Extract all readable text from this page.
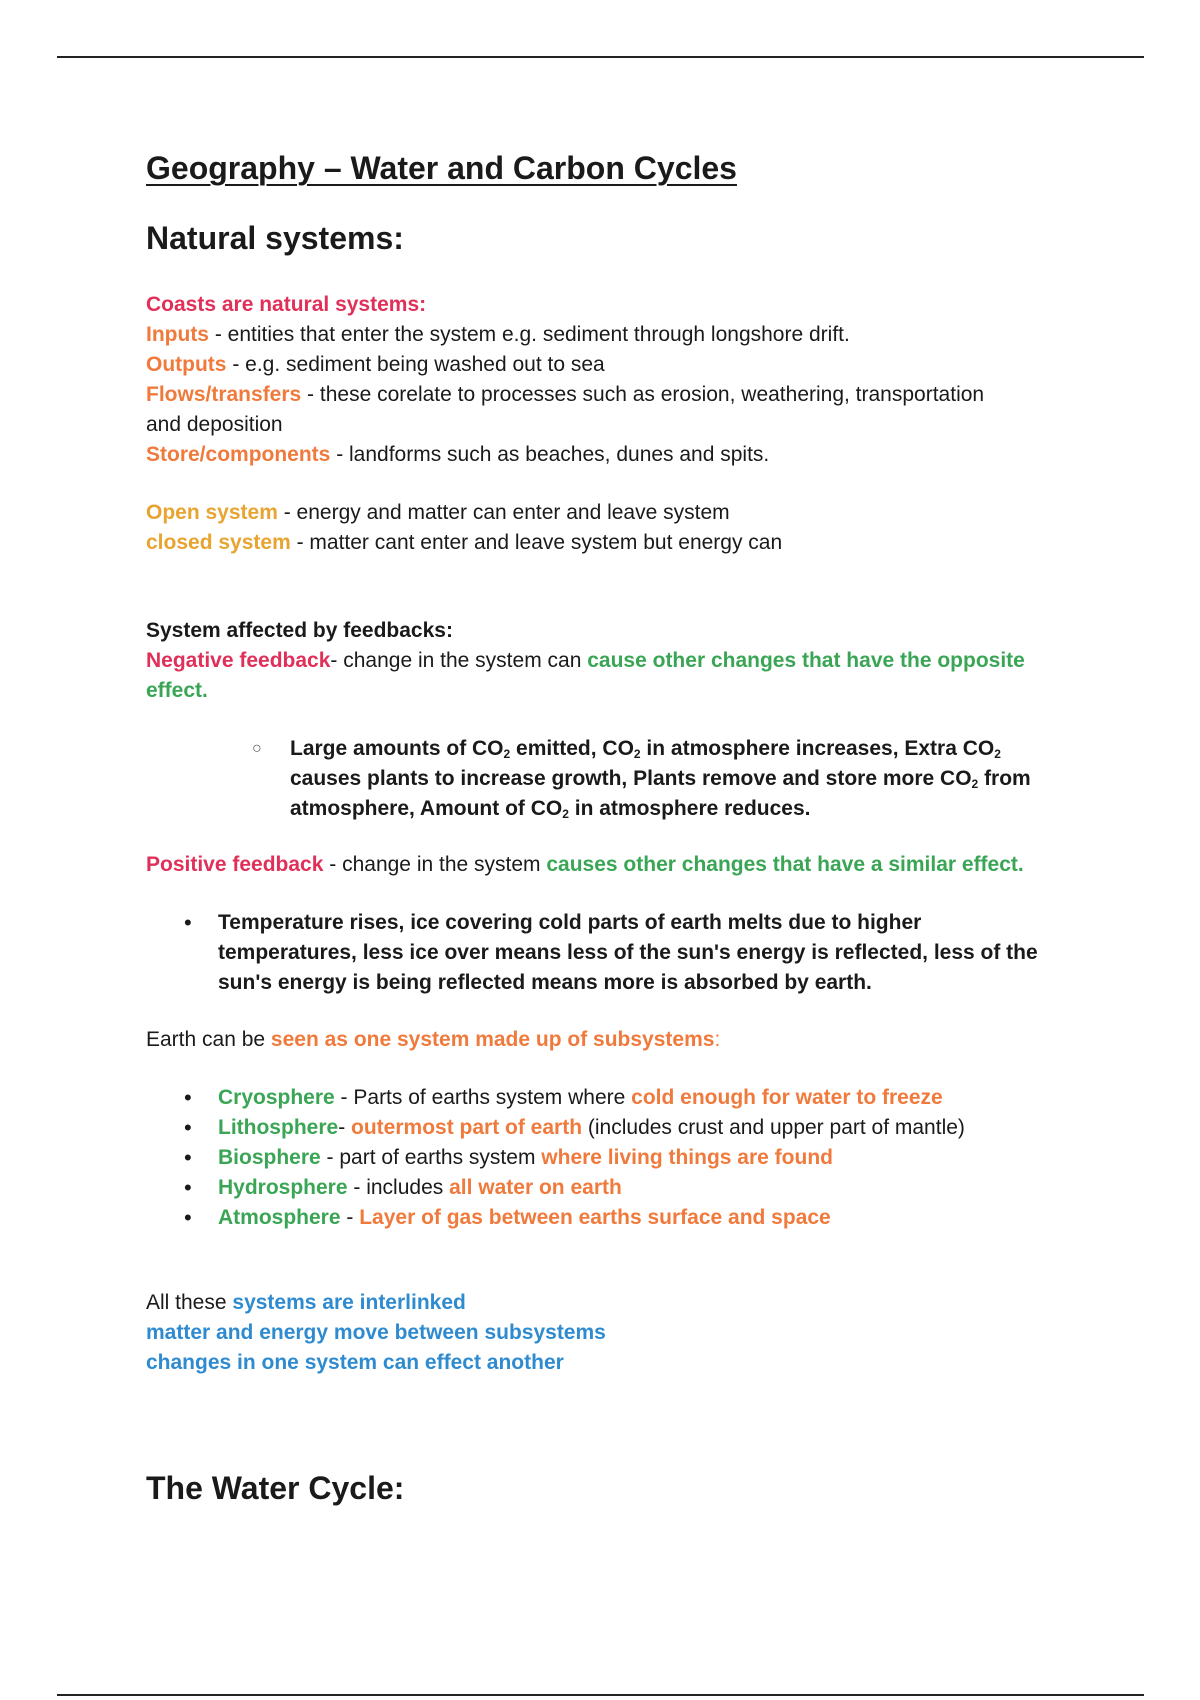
Geography – Water and Carbon Cycles
Natural systems:
Coasts are natural systems:
Inputs - entities that enter the system e.g. sediment through longshore drift.
Outputs - e.g. sediment being washed out to sea
Flows/transfers - these corelate to processes such as erosion, weathering, transportation
and deposition
Store/components - landforms such as beaches, dunes and spits.
Open system - energy and matter can enter and leave system
closed system - matter cant enter and leave system but energy can
System affected by feedbacks:
Negative feedback- change in the system can cause other changes that have the opposite
effect.
○ Large amounts of $CO_2$ emitted, $CO_2$ in atmosphere increases, Extra $CO_2$
causes plants to increase growth, Plants remove and store more $CO_2$ from
atmosphere, Amount of $CO_2$ in atmosphere reduces.
Positive feedback - change in the system causes other changes that have a similar effect.
• Temperature rises, ice covering cold parts of earth melts due to higher
temperatures, less ice over means less of the sun's energy is reflected, less of the
sun's energy is being reflected means more is absorbed by earth.
Earth can be seen as one system made up of subsystems:
• Cryosphere - Parts of earths system where cold enough for water to freeze
• Lithosphere- outermost part of earth (includes crust and upper part of mantle)
• Biosphere - part of earths system where living things are found
• Hydrosphere - includes all water on earth
• Atmosphere - Layer of gas between earths surface and space
All these systems are interlinked
matter and energy move between subsystems
changes in one system can effect another
The Water Cycle:
